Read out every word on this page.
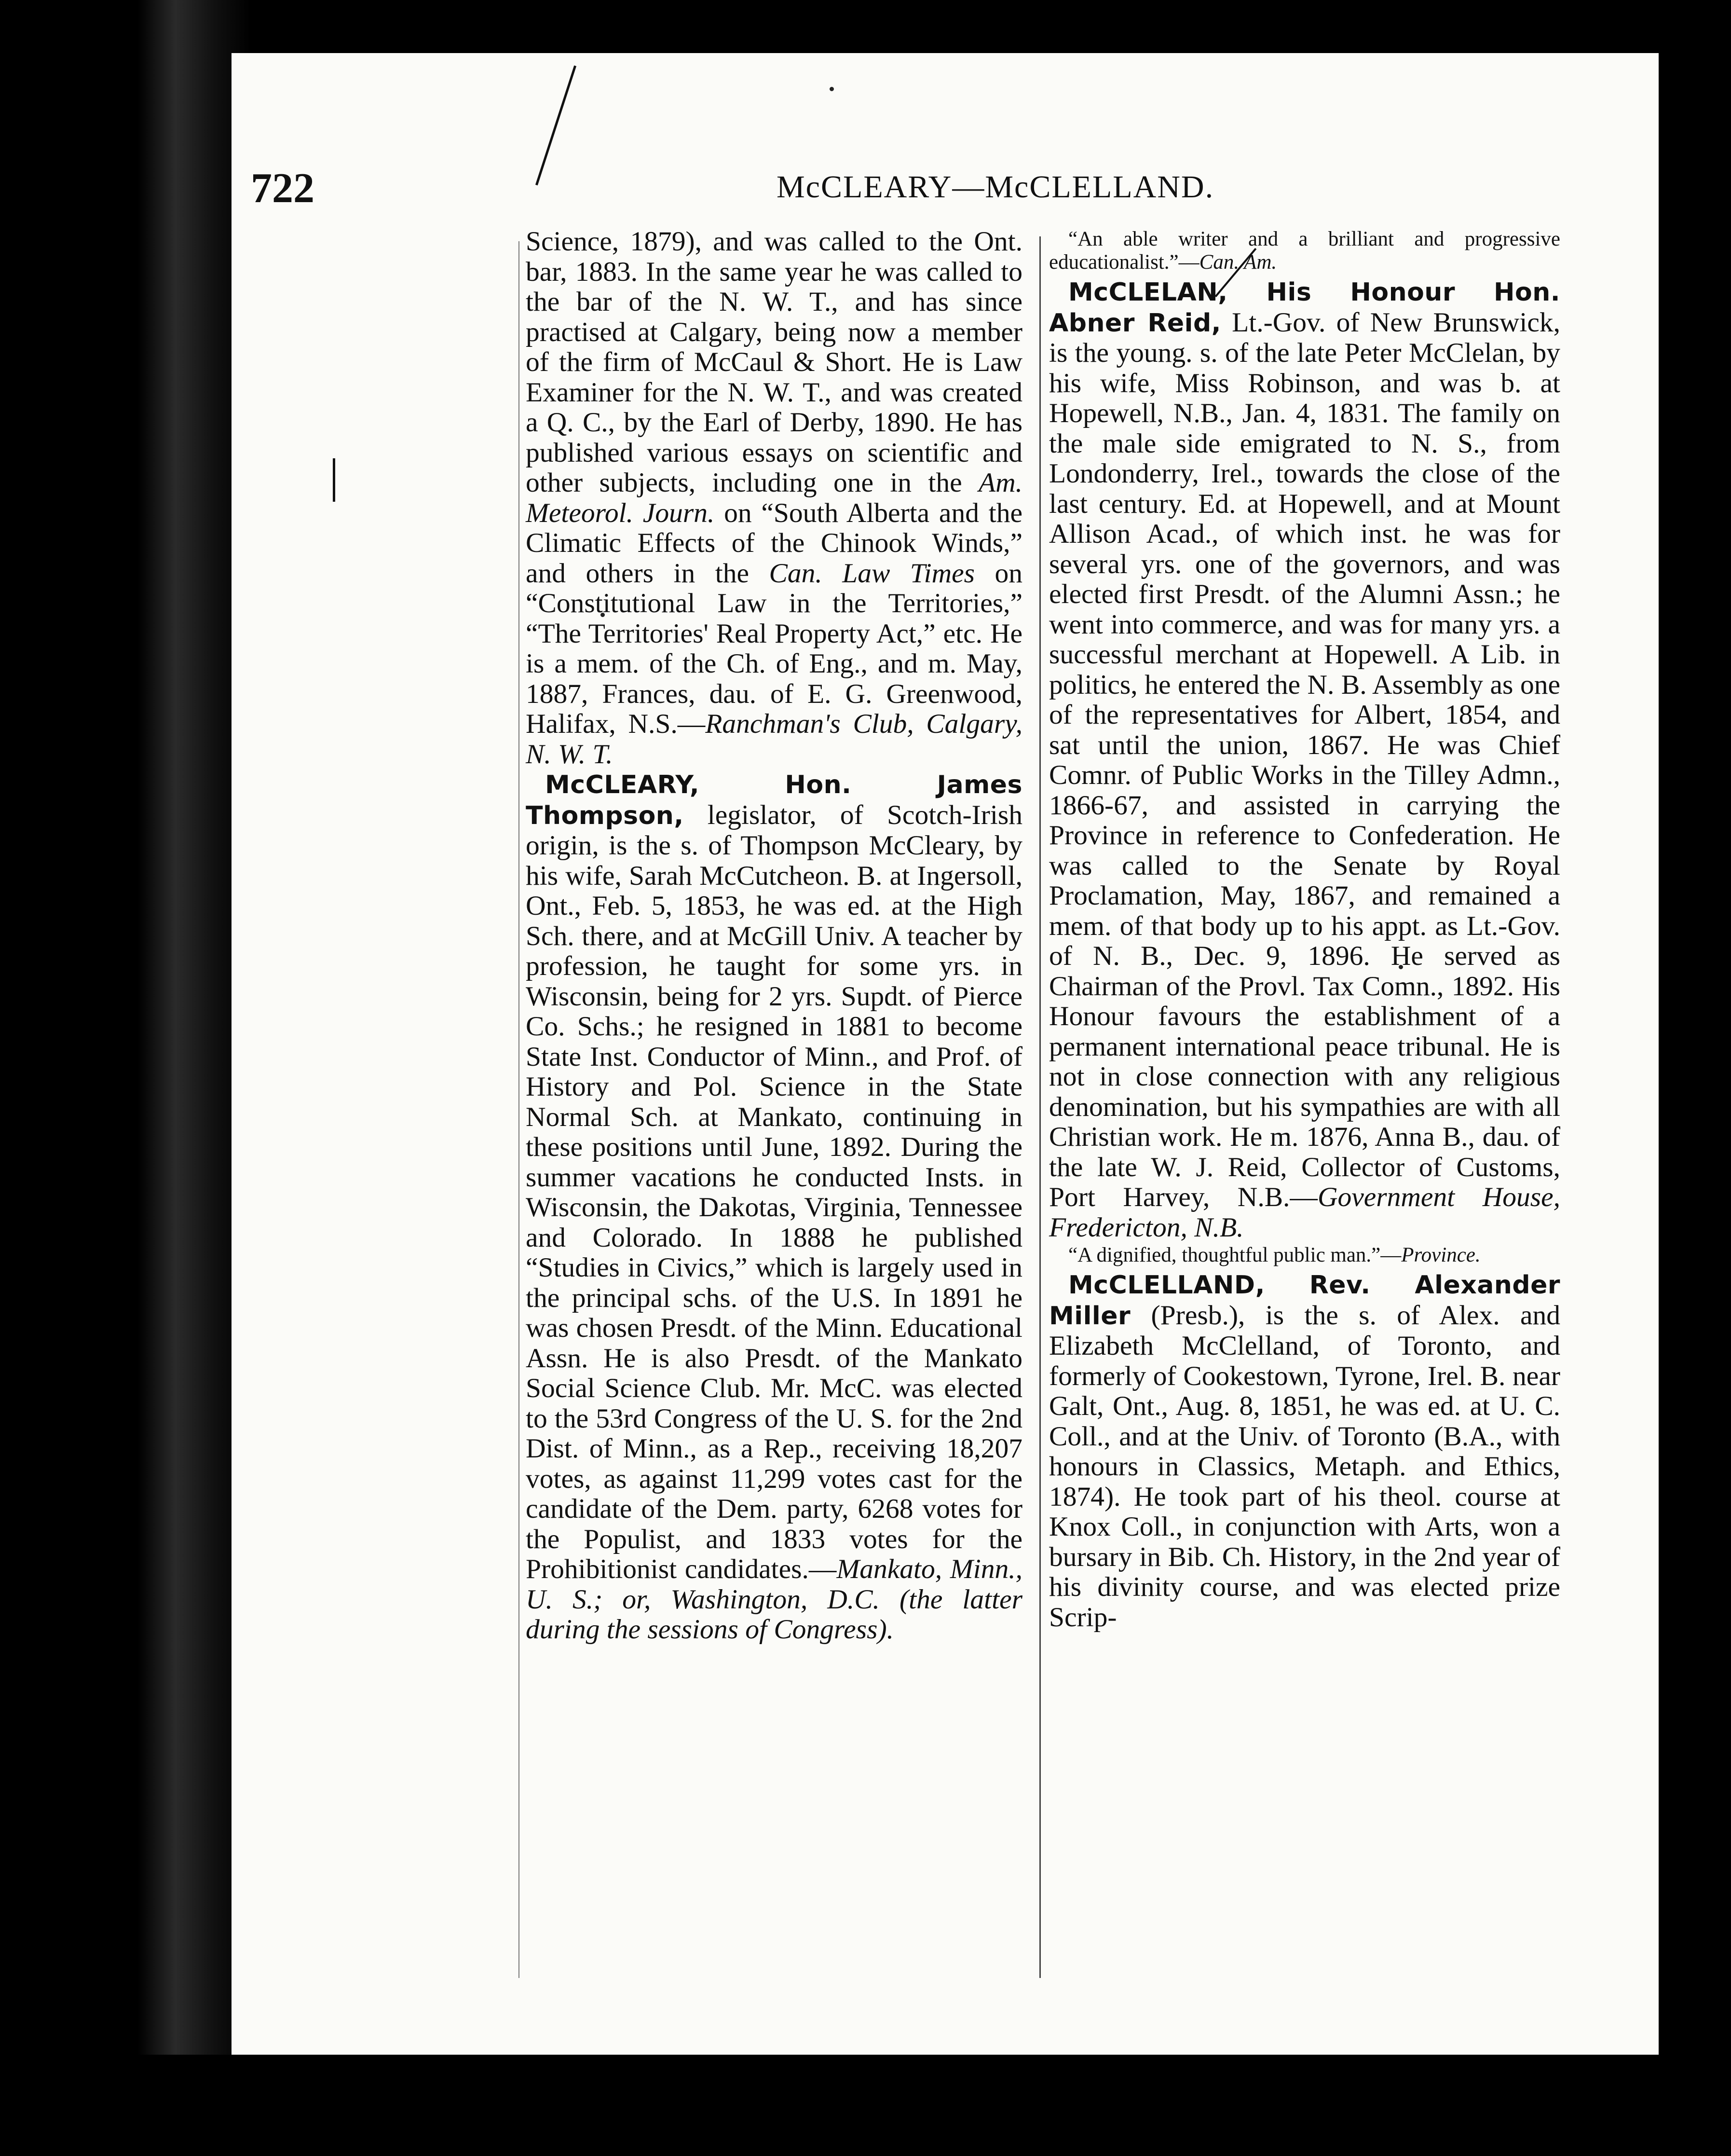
722	McCLEARY—McCLELLAND.

Science, 1879), and was called to the Ont. bar, 1883. In the same year he was called to the bar of the N. W. T., and has since practised at Calgary, being now a member of the firm of McCaul & Short. He is Law Examiner for the N. W. T., and was created a Q. C., by the Earl of Derby, 1890. He has published various essays on scientific and other subjects, including one in the Am. Meteorol. Journ. on “South Alberta and the Climatic Effects of the Chinook Winds,” and others in the Can. Law Times on “Constitutional Law in the Territories,” “The Territories' Real Property Act,” etc. He is a mem. of the Ch. of Eng., and m. May, 1887, Frances, dau. of E. G. Greenwood, Halifax, N.S.—Ranchman's Club, Calgary, N. W. T.

McCLEARY, Hon. James Thompson, legislator, of Scotch-Irish origin, is the s. of Thompson McCleary, by his wife, Sarah McCutcheon. B. at Ingersoll, Ont., Feb. 5, 1853, he was ed. at the High Sch. there, and at McGill Univ. A teacher by profession, he taught for some yrs. in Wisconsin, being for 2 yrs. Supdt. of Pierce Co. Schs.; he resigned in 1881 to become State Inst. Conductor of Minn., and Prof. of History and Pol. Science in the State Normal Sch. at Mankato, continuing in these positions until June, 1892. During the summer vacations he conducted Insts. in Wisconsin, the Dakotas, Virginia, Tennessee and Colorado. In 1888 he published “Studies in Civics,” which is largely used in the principal schs. of the U.S. In 1891 he was chosen Presdt. of the Minn. Educational Assn. He is also Presdt. of the Mankato Social Science Club. Mr. McC. was elected to the 53rd Congress of the U. S. for the 2nd Dist. of Minn., as a Rep., receiving 18,207 votes, as against 11,299 votes cast for the candidate of the Dem. party, 6268 votes for the Populist, and 1833 votes for the Prohibitionist candidates.—Mankato, Minn., U. S.; or, Washington, D.C. (the latter during the sessions of Congress).

“An able writer and a brilliant and progressive educationalist.”—Can. Am.

McCLELAN, His Honour Hon. Abner Reid, Lt.-Gov. of New Brunswick, is the young. s. of the late Peter McClelan, by his wife, Miss Robinson, and was b. at Hopewell, N.B., Jan. 4, 1831. The family on the male side emigrated to N. S., from Londonderry, Irel., towards the close of the last century. Ed. at Hopewell, and at Mount Allison Acad., of which inst. he was for several yrs. one of the governors, and was elected first Presdt. of the Alumni Assn.; he went into commerce, and was for many yrs. a successful merchant at Hopewell. A Lib. in politics, he entered the N. B. Assembly as one of the representatives for Albert, 1854, and sat until the union, 1867. He was Chief Comnr. of Public Works in the Tilley Admn., 1866-67, and assisted in carrying the Province in reference to Confederation. He was called to the Senate by Royal Proclamation, May, 1867, and remained a mem. of that body up to his appt. as Lt.-Gov. of N. B., Dec. 9, 1896. He served as Chairman of the Provl. Tax Comn., 1892. His Honour favours the establishment of a permanent international peace tribunal. He is not in close connection with any religious denomination, but his sympathies are with all Christian work. He m. 1876, Anna B., dau. of the late W. J. Reid, Collector of Customs, Port Harvey, N.B.—Government House, Fredericton, N.B.

“A dignified, thoughtful public man.”—Province.

McCLELLAND, Rev. Alexander Miller (Presb.), is the s. of Alex. and Elizabeth McClelland, of Toronto, and formerly of Cookestown, Tyrone, Irel. B. near Galt, Ont., Aug. 8, 1851, he was ed. at U. C. Coll., and at the Univ. of Toronto (B.A., with honours in Classics, Metaph. and Ethics, 1874). He took part of his theol. course at Knox Coll., in conjunction with Arts, won a bursary in Bib. Ch. History, in the 2nd year of his divinity course, and was elected prize Scrip-
